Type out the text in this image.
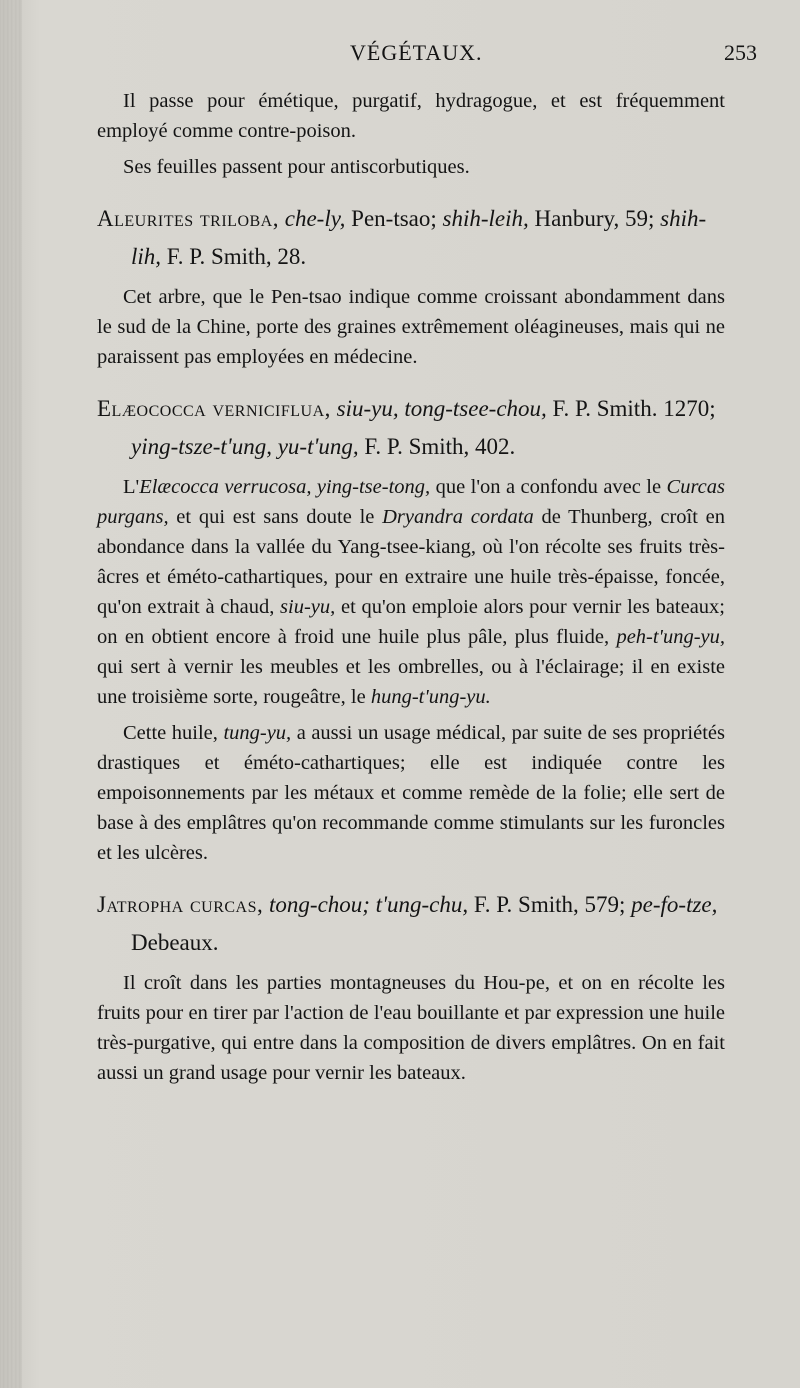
VÉGÉTAUX.	253

Il passe pour émétique, purgatif, hydragogue, et est fréquemment employé comme contre-poison.

Ses feuilles passent pour antiscorbutiques.

Aleurites triloba, che-ly, Pen-tsao; shih-leih, Hanbury, 59; shih-lih, F. P. Smith, 28.

Cet arbre, que le Pen-tsao indique comme croissant abondamment dans le sud de la Chine, porte des graines extrêmement oléagineuses, mais qui ne paraissent pas employées en médecine.

Elæococca verniciflua, siu-yu, tong-tsee-chou, F. P. Smith. 1270; ying-tsze-t'ung, yu-t'ung, F. P. Smith, 402.

L'Elæcocca verrucosa, ying-tse-tong, que l'on a confondu avec le Curcas purgans, et qui est sans doute le Dryandra cordata de Thunberg, croît en abondance dans la vallée du Yang-tsee-kiang, où l'on récolte ses fruits très-âcres et éméto-cathartiques, pour en extraire une huile très-épaisse, foncée, qu'on extrait à chaud, siu-yu, et qu'on emploie alors pour vernir les bateaux; on en obtient encore à froid une huile plus pâle, plus fluide, peh-t'ung-yu, qui sert à vernir les meubles et les ombrelles, ou à l'éclairage; il en existe une troisième sorte, rougeâtre, le hung-t'ung-yu.

Cette huile, tung-yu, a aussi un usage médical, par suite de ses propriétés drastiques et éméto-cathartiques; elle est indiquée contre les empoisonnements par les métaux et comme remède de la folie; elle sert de base à des emplâtres qu'on recommande comme stimulants sur les furoncles et les ulcères.

Jatropha curcas, tong-chou; t'ung-chu, F. P. Smith, 579; pe-fo-tze, Debeaux.

Il croît dans les parties montagneuses du Hou-pe, et on en récolte les fruits pour en tirer par l'action de l'eau bouillante et par expression une huile très-purgative, qui entre dans la composition de divers emplâtres. On en fait aussi un grand usage pour vernir les bateaux.
